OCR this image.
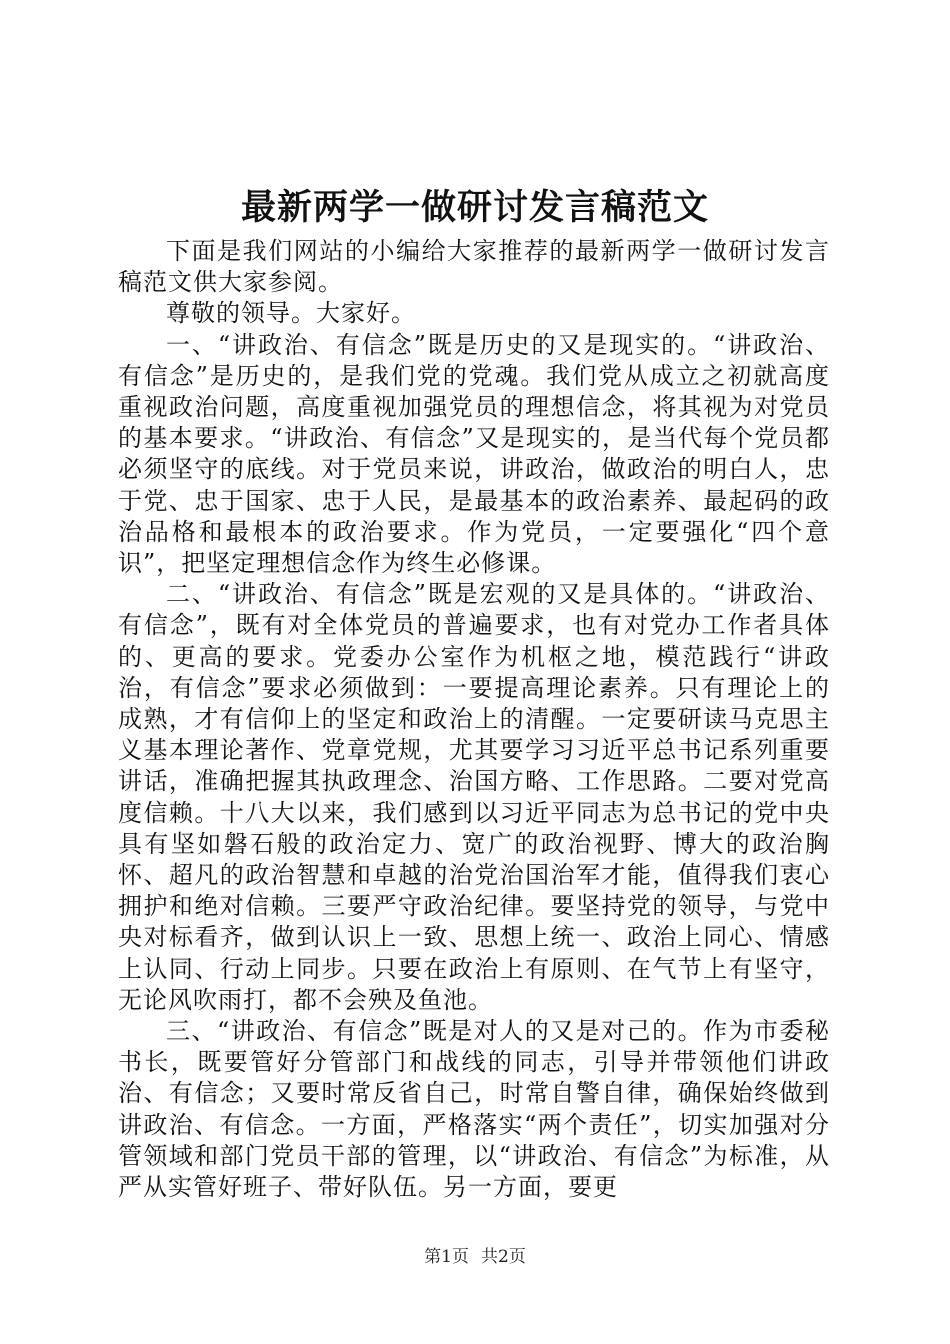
最新两学一做研讨发言稿范文

下面是我们网站的小编给大家推荐的最新两学一做研讨发言稿范文供大家参阅。

尊敬的领导。大家好。

一、“讲政治、有信念”既是历史的又是现实的。“讲政治、有信念”是历史的，是我们党的党魂。我们党从成立之初就高度重视政治问题，高度重视加强党员的理想信念，将其视为对党员的基本要求。“讲政治、有信念”又是现实的，是当代每个党员都必须坚守的底线。对于党员来说，讲政治，做政治的明白人，忠于党、忠于国家、忠于人民，是最基本的政治素养、最起码的政治品格和最根本的政治要求。作为党员，一定要强化“四个意识”，把坚定理想信念作为终生必修课。

二、“讲政治、有信念”既是宏观的又是具体的。“讲政治、有信念”，既有对全体党员的普遍要求，也有对党办工作者具体的、更高的要求。党委办公室作为机枢之地，模范践行“讲政治，有信念”要求必须做到：一要提高理论素养。只有理论上的成熟，才有信仰上的坚定和政治上的清醒。一定要研读马克思主义基本理论著作、党章党规，尤其要学习习近平总书记系列重要讲话，准确把握其执政理念、治国方略、工作思路。二要对党高度信赖。十八大以来，我们感到以习近平同志为总书记的党中央具有坚如磐石般的政治定力、宽广的政治视野、博大的政治胸怀、超凡的政治智慧和卓越的治党治国治军才能，值得我们衷心拥护和绝对信赖。三要严守政治纪律。要坚持党的领导，与党中央对标看齐，做到认识上一致、思想上统一、政治上同心、情感上认同、行动上同步。只要在政治上有原则、在气节上有坚守，无论风吹雨打，都不会殃及鱼池。

三、“讲政治、有信念”既是对人的又是对己的。作为市委秘书长，既要管好分管部门和战线的同志，引导并带领他们讲政治、有信念；又要时常反省自己，时常自警自律，确保始终做到讲政治、有信念。一方面，严格落实“两个责任”，切实加强对分管领域和部门党员干部的管理，以“讲政治、有信念”为标准，从严从实管好班子、带好队伍。另一方面，要更

第1页 共2页
